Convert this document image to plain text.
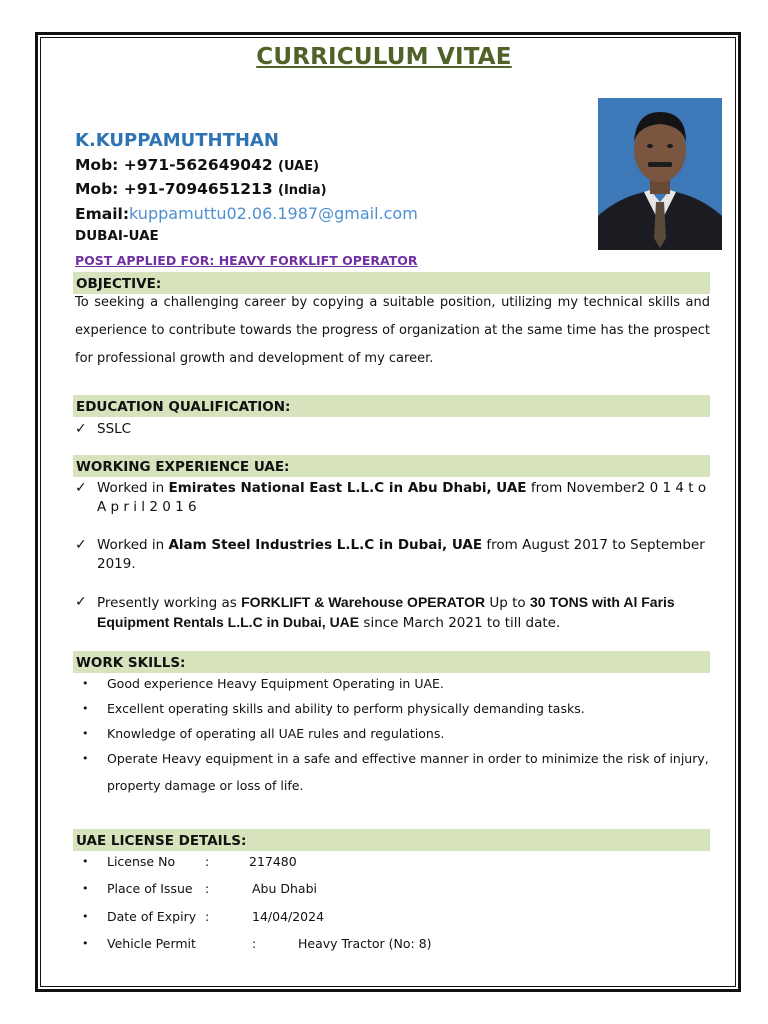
CURRICULUM VITAE
K.KUPPAMUTHTHAN
Mob: +971-562649042 (UAE)
Mob: +91-7094651213 (India)
Email:kuppamuttu02.06.1987@gmail.com
DUBAI-UAE
POST APPLIED FOR: HEAVY FORKLIFT OPERATOR
OBJECTIVE:
To seeking a challenging career by copying a suitable position, utilizing my technical skills and experience to contribute towards the progress of organization at the same time has the prospect for professional growth and development of my career.
EDUCATION QUALIFICATION:
✓ SSLC
WORKING EXPERIENCE UAE:
✓ Worked in Emirates National East L.L.C in Abu Dhabi, UAE from November2 0 1 4 t o A p r i l 2 0 1 6
✓ Worked in Alam Steel Industries L.L.C in Dubai, UAE from August 2017 to September 2019.
✓ Presently working as FORKLIFT & Warehouse OPERATOR Up to 30 TONS with Al Faris Equipment Rentals L.L.C in Dubai, UAE since March 2021 to till date.
WORK SKILLS:
• Good experience Heavy Equipment Operating in UAE.
• Excellent operating skills and ability to perform physically demanding tasks.
• Knowledge of operating all UAE rules and regulations.
• Operate Heavy equipment in a safe and effective manner in order to minimize the risk of injury, property damage or loss of life.
UAE LICENSE DETAILS:
• License No :	217480
• Place of Issue :	Abu Dhabi
• Date of Expiry :	14/04/2024
• Vehicle Permit	:	Heavy Tractor (No: 8)
